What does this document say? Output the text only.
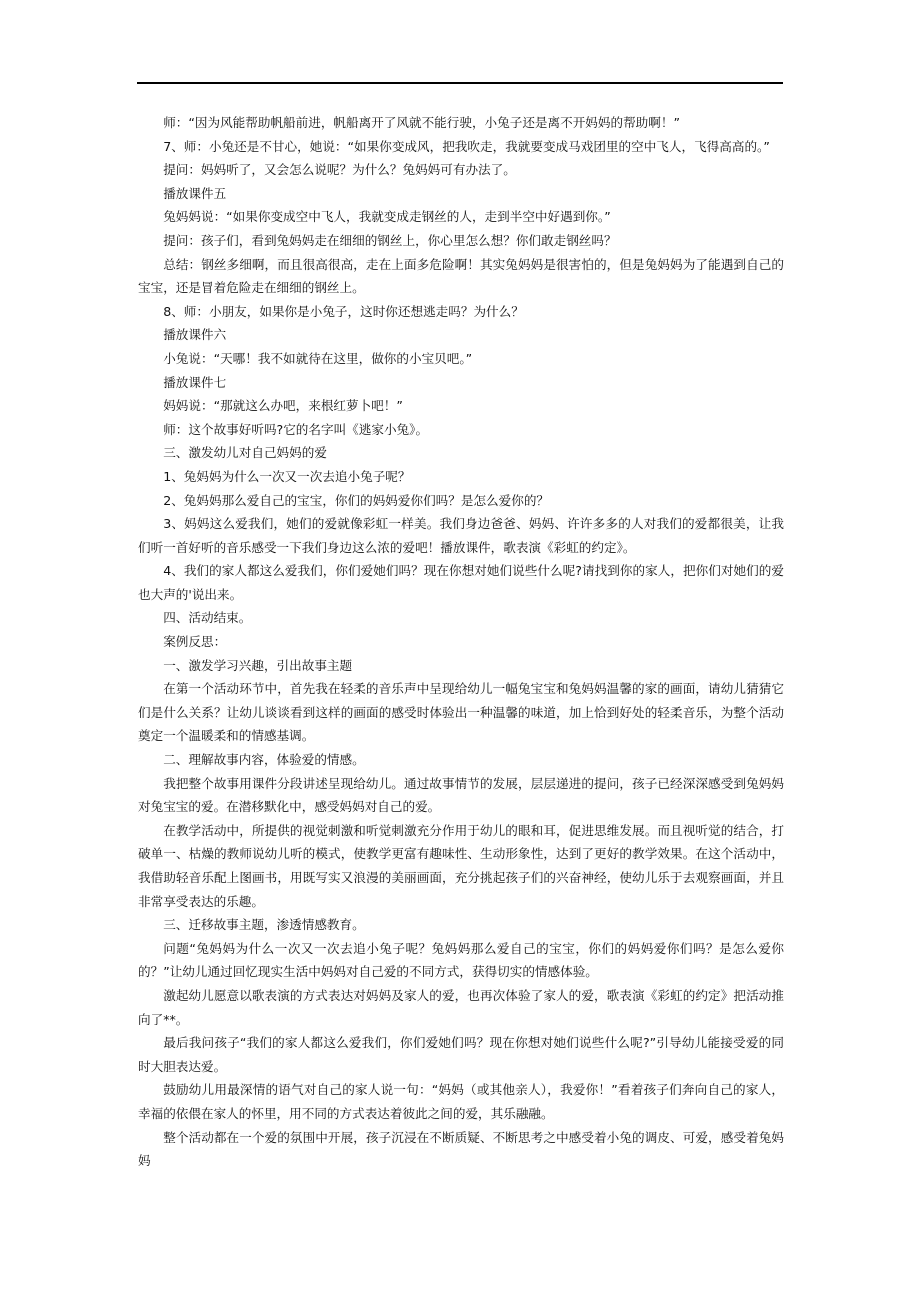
师：“因为风能帮助帆船前进，帆船离开了风就不能行驶，小兔子还是离不开妈妈的帮助啊！”

7、师：小兔还是不甘心，她说：“如果你变成风，把我吹走，我就要变成马戏团里的空中飞人，飞得高高的。”

提问：妈妈听了，又会怎么说呢？为什么？兔妈妈可有办法了。

播放课件五

兔妈妈说：“如果你变成空中飞人，我就变成走钢丝的人，走到半空中好遇到你。”

提问：孩子们，看到兔妈妈走在细细的钢丝上，你心里怎么想？你们敢走钢丝吗？

总结：钢丝多细啊，而且很高很高，走在上面多危险啊！其实兔妈妈是很害怕的，但是兔妈妈为了能遇到自己的宝宝，还是冒着危险走在细细的钢丝上。

8、师：小朋友，如果你是小兔子，这时你还想逃走吗？为什么？

播放课件六

小兔说：“天哪！我不如就待在这里，做你的小宝贝吧。”

播放课件七

妈妈说：“那就这么办吧，来根红萝卜吧！”

师：这个故事好听吗?它的名字叫《逃家小兔》。

三、激发幼儿对自己妈妈的爱

1、兔妈妈为什么一次又一次去追小兔子呢？

2、兔妈妈那么爱自己的宝宝，你们的妈妈爱你们吗？是怎么爱你的？

3、妈妈这么爱我们，她们的爱就像彩虹一样美。我们身边爸爸、妈妈、许许多多的人对我们的爱都很美，让我们听一首好听的音乐感受一下我们身边这么浓的爱吧！播放课件，歌表演《彩虹的约定》。

4、我们的家人都这么爱我们，你们爱她们吗？现在你想对她们说些什么呢?请找到你的家人，把你们对她们的爱也大声的'说出来。

四、活动结束。

案例反思：

一、激发学习兴趣，引出故事主题

在第一个活动环节中，首先我在轻柔的音乐声中呈现给幼儿一幅兔宝宝和兔妈妈温馨的家的画面，请幼儿猜猜它们是什么关系？让幼儿谈谈看到这样的画面的感受时体验出一种温馨的味道，加上恰到好处的轻柔音乐，为整个活动奠定一个温暖柔和的情感基调。

二、理解故事内容，体验爱的情感。

我把整个故事用课件分段讲述呈现给幼儿。通过故事情节的发展，层层递进的提问，孩子已经深深感受到兔妈妈对兔宝宝的爱。在潜移默化中，感受妈妈对自己的爱。

在教学活动中，所提供的视觉刺激和听觉刺激充分作用于幼儿的眼和耳，促进思维发展。而且视听觉的结合，打破单一、枯燥的教师说幼儿听的模式，使教学更富有趣味性、生动形象性，达到了更好的教学效果。在这个活动中，我借助轻音乐配上图画书，用既写实又浪漫的美丽画面，充分挑起孩子们的兴奋神经，使幼儿乐于去观察画面，并且非常享受表达的乐趣。

三、迁移故事主题，渗透情感教育。

问题“兔妈妈为什么一次又一次去追小兔子呢？兔妈妈那么爱自己的宝宝，你们的妈妈爱你们吗？是怎么爱你的？”让幼儿通过回忆现实生活中妈妈对自己爱的不同方式，获得切实的情感体验。

激起幼儿愿意以歌表演的方式表达对妈妈及家人的爱，也再次体验了家人的爱，歌表演《彩虹的约定》把活动推向了**。

最后我问孩子“我们的家人都这么爱我们，你们爱她们吗？现在你想对她们说些什么呢?”引导幼儿能接受爱的同时大胆表达爱。

鼓励幼儿用最深情的语气对自己的家人说一句：“妈妈（或其他亲人），我爱你！”看着孩子们奔向自己的家人，幸福的依偎在家人的怀里，用不同的方式表达着彼此之间的爱，其乐融融。

整个活动都在一个爱的氛围中开展，孩子沉浸在不断质疑、不断思考之中感受着小兔的调皮、可爱，感受着兔妈妈
